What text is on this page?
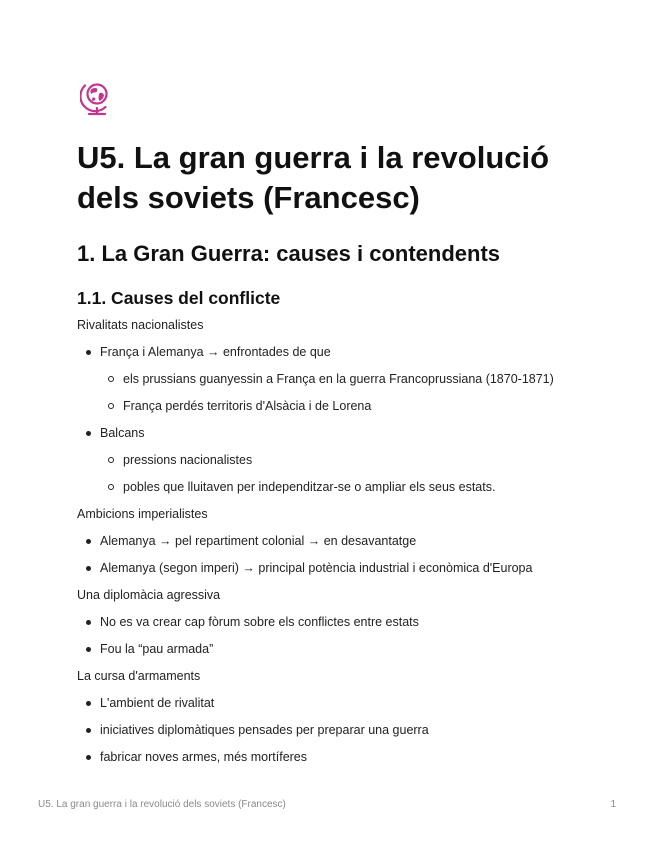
U5. La gran guerra i la revolució dels soviets (Francesc)
1. La Gran Guerra: causes i contendents
1.1. Causes del conflicte
Rivalitats nacionalistes
França i Alemanya → enfrontades de que
els prussians guanyessin a França en la guerra Francoprussiana (1870-1871)
França perdés territoris d'Alsàcia i de Lorena
Balcans
pressions nacionalistes
pobles que lluitaven per independitzar-se o ampliar els seus estats.
Ambicions imperialistes
Alemanya → pel repartiment colonial → en desavantatge
Alemanya (segon imperi) → principal potència industrial i econòmica d'Europa
Una diplomàcia agressiva
No es va crear cap fòrum sobre els conflictes entre estats
Fou la “pau armada”
La cursa d'armaments
L'ambient de rivalitat
iniciatives diplomàtiques pensades per preparar una guerra
fabricar noves armes, més mortíferes
U5. La gran guerra i la revolució dels soviets (Francesc)	1
